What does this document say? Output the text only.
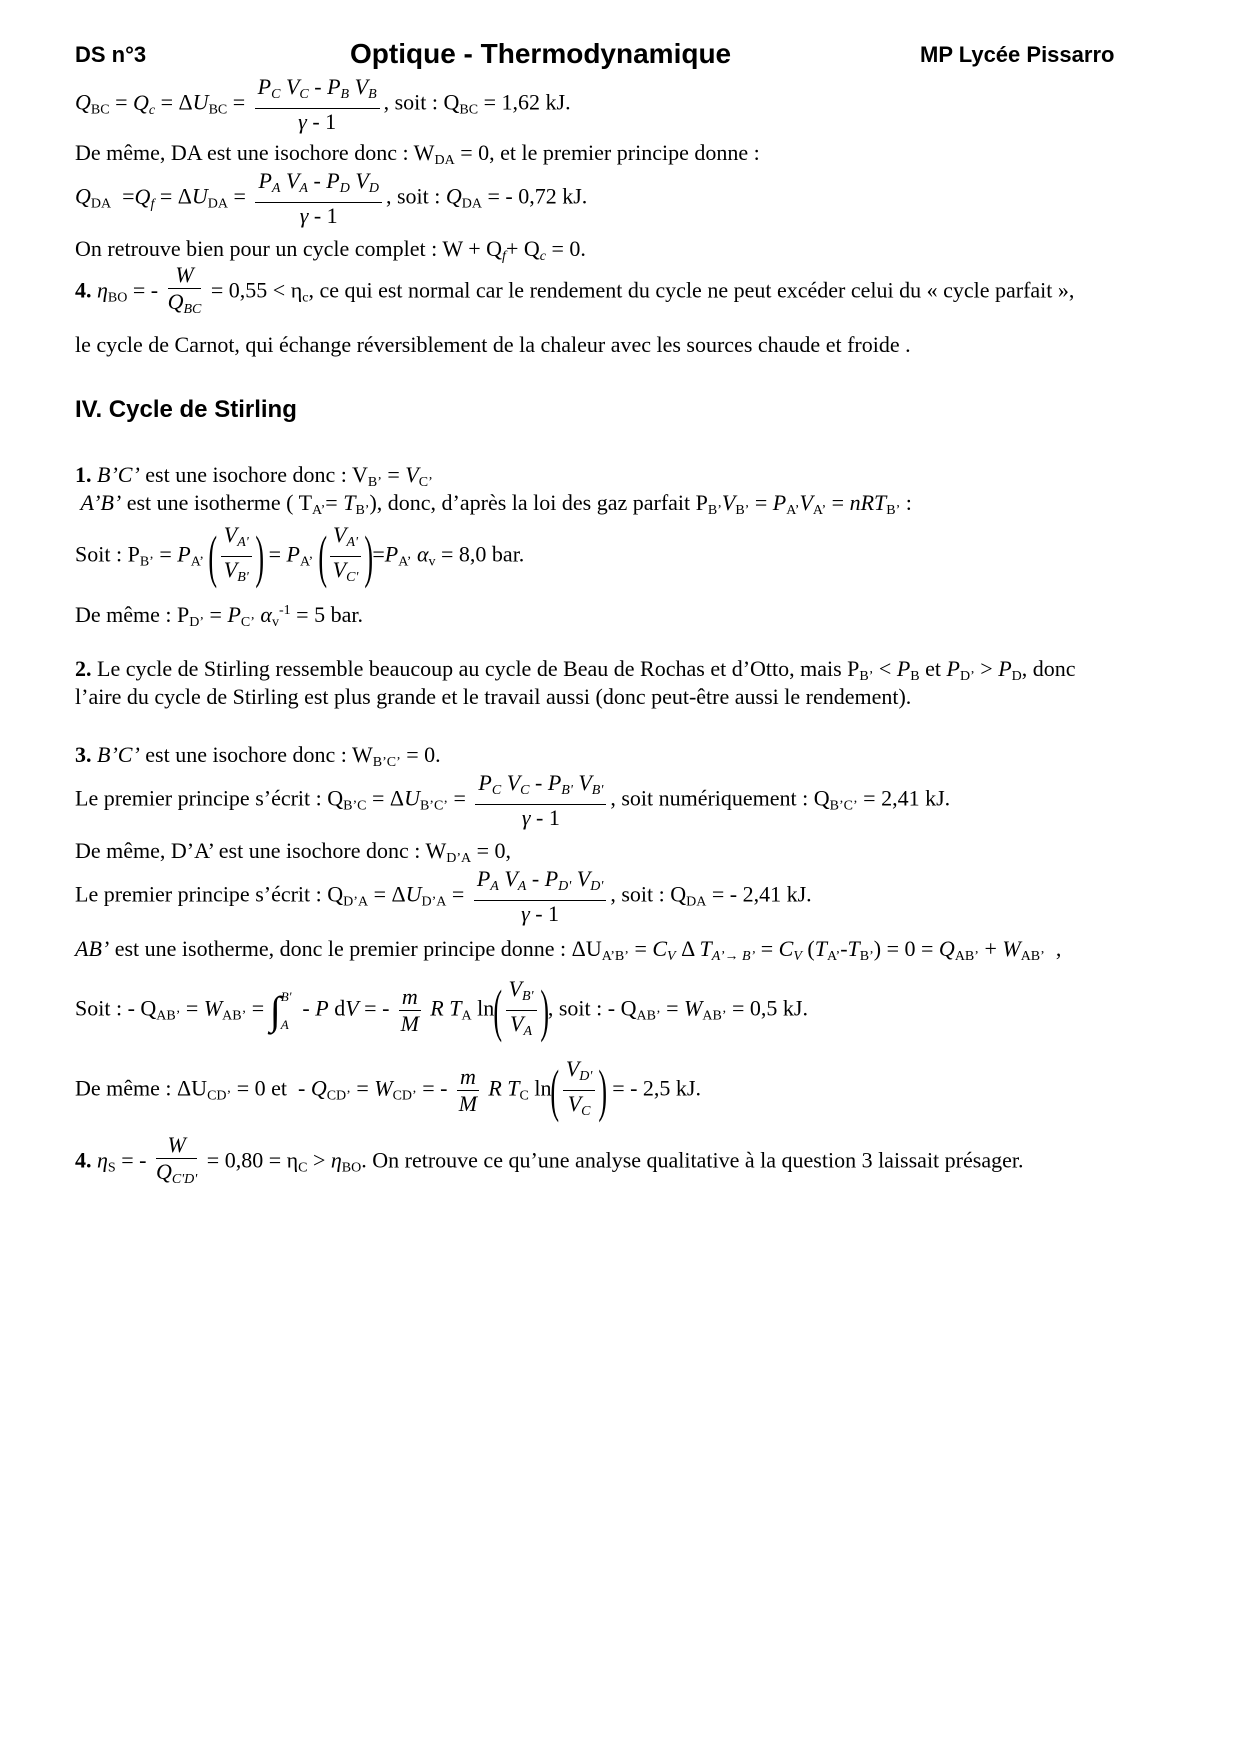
DS n°3	Optique - Thermodynamique	MP Lycée Pissarro
$Q_{BC} = Q_c = \Delta U_{BC} = \frac{P_C V_C - P_B V_B}{\gamma - 1}$ , soit : $Q_{BC} = 1,62$ kJ.
De même, DA est une isochore donc : $W_{DA} = 0$, et le premier principe donne :
$Q_{DA} =Q_f = \Delta U_{DA} = \frac{P_A V_A - P_D V_D}{\gamma - 1}$ , soit : $Q_{DA}$ = - 0,72 kJ.
On retrouve bien pour un cycle complet : $W + Q_f+ Q_c = 0$.
4. $\eta_{BO}$ = - $\frac{W}{Q_{BC}} = 0,55 < \eta_c$, ce qui est normal car le rendement du cycle ne peut excéder celui du « cycle parfait »,
le cycle de Carnot, qui échange réversiblement de la chaleur avec les sources chaude et froide .
IV. Cycle de Stirling
1. B’C’ est une isochore donc : $V_{B’} = V_{C’}$
A’B’ est une isotherme ( $T_{A’}= T_{B’}$), donc, d’après la loi des gaz parfait $P_{B’}V_{B’} = P_{A’}V_{A’} = nRT_{B’}$ :
Soit : $P_{B’} = P_{A’}$ ( $\frac{V_{A'}}{V_{B'}}$ ) = $P_{A’}$ ( $\frac{V_{A'}}{V_{C'}} )=P_{A’}$ $\alpha_v = 8,0$ bar.
De même : $P_{D’} = P_{C’}$ $\alpha_v^{-1} = 5$ bar.
2. Le cycle de Stirling ressemble beaucoup au cycle de Beau de Rochas et d’Otto, mais $P_{B’} < P_B$ et $P_{D’} > P_D$, donc
l’aire du cycle de Stirling est plus grande et le travail aussi (donc peut-être aussi le rendement).
3. B’C’ est une isochore donc : $W_{B’C’} = 0$.
Le premier principe s’écrit : $Q_{B’C} = \Delta U_{B’C’} = \frac{P_C V_C - P_{B'} V_{B'}}{\gamma - 1}$ , soit numériquement : $Q_{B’C’} = 2,41$ kJ.
De même, D’A’ est une isochore donc : $W_{D’A} = 0$,
Le premier principe s’écrit : $Q_{D’A} = \Delta U_{D’A} = \frac{P_A V_A - P_{D'} V_{D'}}{\gamma - 1}$ , soit : $Q_{DA}$ = - 2,41 kJ.
AB’ est une isotherme, donc le premier principe donne : $\Delta U_{A’B’} = C_V$ Δ $T_{A’\to B’} = C_V$ $(T_{A’}-T_{B’}) = 0 = Q_{AB’} + W_{AB’}$  ,
Soit : - $Q_{AB’} = W_{AB’} = \int B'$
A  - P dV = - $\frac{m}{M}$ R $T_A$ $\ln( \frac{V_{B'}}{V_A}$ ), soit : - $Q_{AB’} = W_{AB’} = 0,5$ kJ.
De même : $\Delta U_{CD’} = 0$ et  - $Q_{CD’} = W_{CD’}$ = - $\frac{m}{M}$ R $T_C$ $\ln( \frac{V_{D'}}{V_C}$ ) = - 2,5 kJ.
4. $\eta_S$ = - $\frac{W}{Q_{C'D'}} = 0,80 = \eta_C > \eta_{BO}$. On retrouve ce qu’une analyse qualitative à la question 3 laissait présager.
